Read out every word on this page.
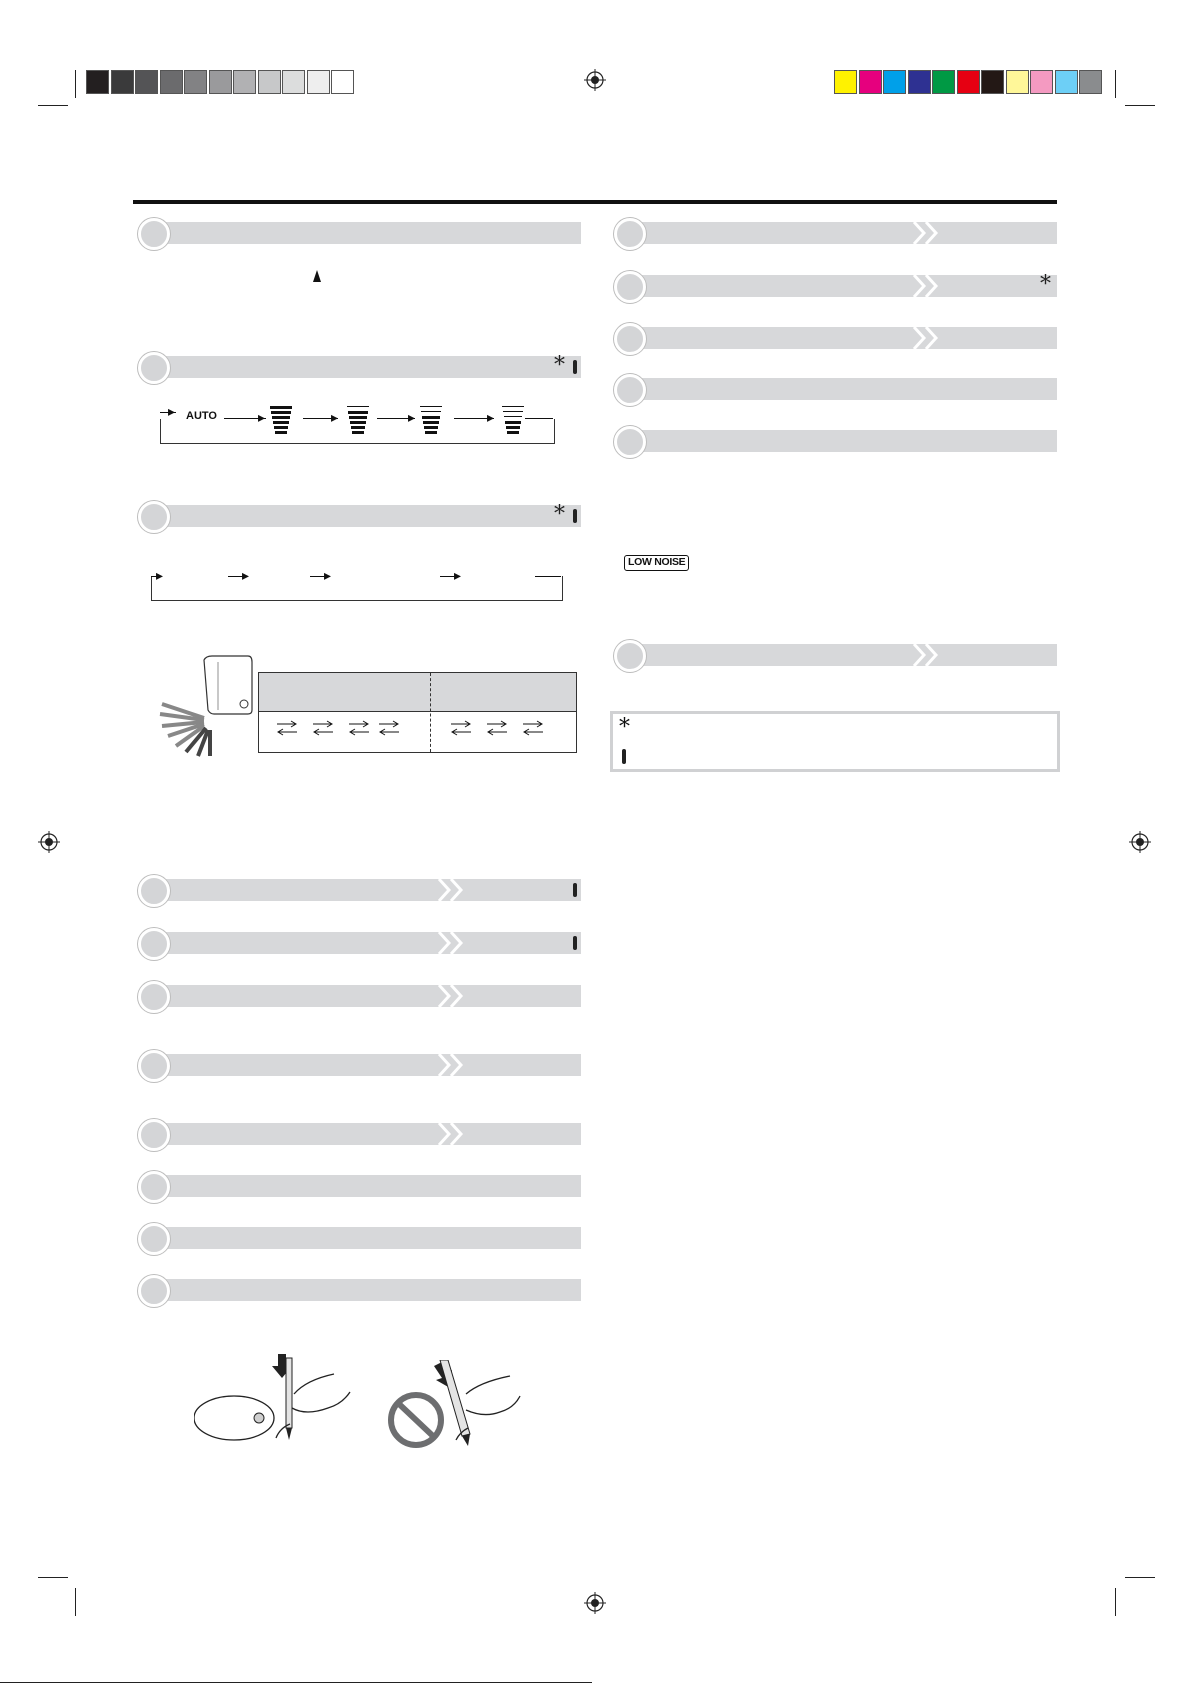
*
▸ AUTO	▸	▸	▸	▸
*
▸	▸	▸	▸
*
LOW NOISE
*
